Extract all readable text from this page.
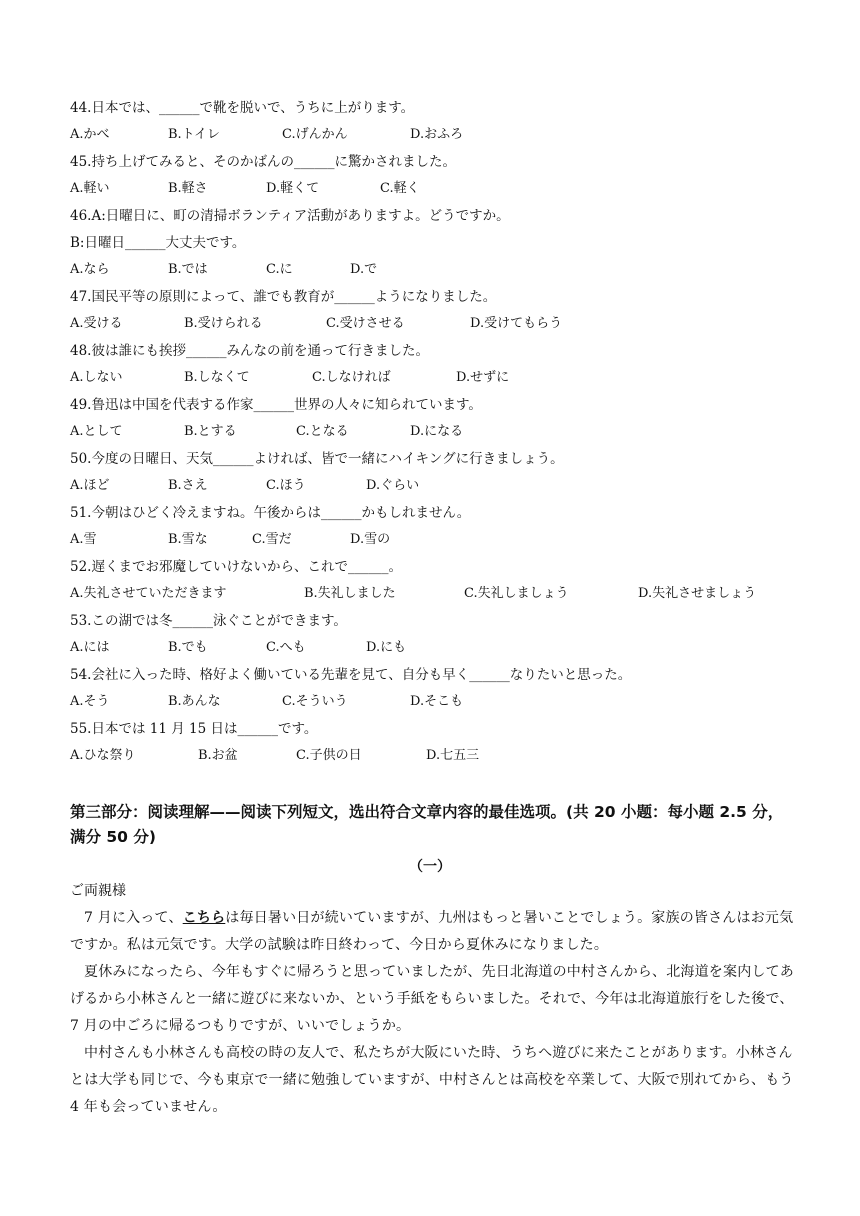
44.日本では、______で靴を脱いで、うちに上がります。
A.かべ	B.トイレ	C.げんかん	D.おふろ
45.持ち上げてみると、そのかばんの______に驚かされました。
A.軽い	B.軽さ	D.軽くて	C.軽く
46.A:日曜日に、町の清掃ボランティア活動がありますよ。どうですか。
B:日曜日______大丈夫です。
A.なら	B.では	C.に	D.で
47.国民平等の原則によって、誰でも教育が______ようになりました。
A.受ける	B.受けられる	C.受けさせる	D.受けてもらう
48.彼は誰にも挨拶______みんなの前を通って行きました。
A.しない	B.しなくて	C.しなければ	D.せずに
49.鲁迅は中国を代表する作家______世界の人々に知られています。
A.として	B.とする	C.となる	D.になる
50.今度の日曜日、天気______よければ、皆で一緒にハイキングに行きましょう。
A.ほど	B.さえ	C.ほう	D.ぐらい
51.今朝はひどく冷えますね。午後からは______かもしれません。
A.雪	B.雪な	C.雪だ	D.雪の
52.遅くまでお邪魔していけないから、これで______。
A.失礼させていただきます	B.失礼しました	C.失礼しましょう	D.失礼させましょう
53.この湖では冬______泳ぐことができます。
A.には	B.でも	C.へも	D.にも
54.会社に入った時、格好よく働いている先輩を見て、自分も早く______なりたいと思った。
A.そう	B.あんな	C.そういう	D.そこも
55.日本では 11 月 15 日は______です。
A.ひな祭り	B.お盆	C.子供の日	D.七五三
第三部分：阅读理解——阅读下列短文，选出符合文章内容的最佳选项。(共 20 小题：每小题 2.5 分，满分 50 分)
（一）
ご両親様
7 月に入って、こちらは毎日暑い日が続いていますが、九州はもっと暑いことでしょう。家族の皆さんはお元気ですか。私は元気です。大学の試験は昨日終わって、今日から夏休みになりました。
夏休みになったら、今年もすぐに帰ろうと思っていましたが、先日北海道の中村さんから、北海道を案内してあげるから小林さんと一緒に遊びに来ないか、という手紙をもらいました。それで、今年は北海道旅行をした後で、7 月の中ごろに帰るつもりですが、いいでしょうか。
中村さんも小林さんも高校の時の友人で、私たちが大阪にいた時、うちへ遊びに来たことがあります。小林さんとは大学も同じで、今も東京で一緒に勉強していますが、中村さんとは高校を卒業して、大阪で別れてから、もう 4 年も会っていません。
